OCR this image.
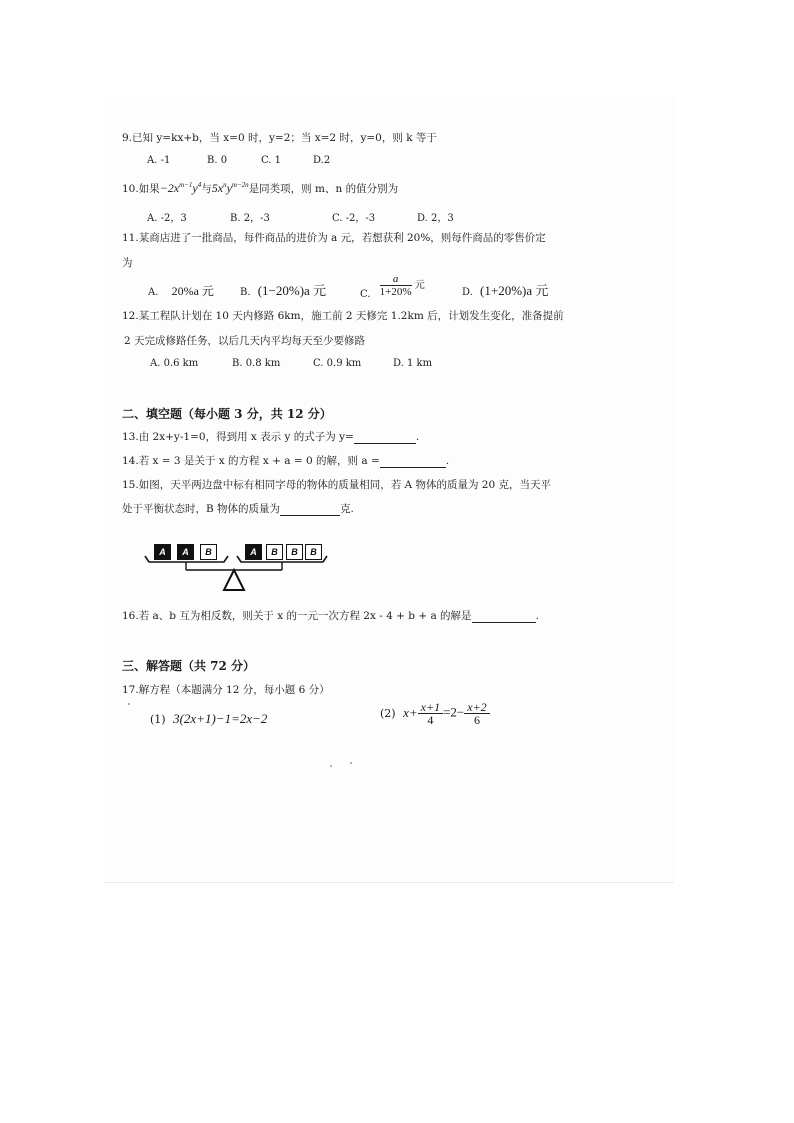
9.已知 y=kx+b，当 x=0 时，y=2；当 x=2 时，y=0，则 k 等于
A. -1	B. 0	C. 1	D.2
10.如果$-2x^{m-1}y^4$与$5x^ny^{m-2n}$是同类项，则 m、n 的值分别为
A. -2，3	B. 2，-3	C. -2，-3	D. 2，3
11.某商店进了一批商品，每件商品的进价为 a 元，若想获利 20%，则每件商品的零售价定
为
A. 20%a 元	B. (1−20%)a 元	C. $\frac{a}{1+20\%}$ 元
D. (1+20%)a 元
12.某工程队计划在 10 天内修路 6km，施工前 2 天修完 1.2km 后，计划发生变化，准备提前
2 天完成修路任务，以后几天内平均每天至少要修路
A. 0.6 km	B. 0.8 km	C. 0.9 km	D. 1 km
二、填空题（每小题 3 分，共 12 分）
13.由 2x+y-1=0，得到用 x 表示 y 的式子为 y=	.
14.若 x = 3 是关于 x 的方程 x + a = 0 的解，则 a =	.
15.如图，天平两边盘中标有相同字母的物体的质量相同，若 A 物体的质量为 20 克，当天平
处于平衡状态时，B 物体的质量为	克.
A	A	B	A	B	B	B
16.若 a、b 互为相反数，则关于 x 的一元一次方程 2x - 4 + b + a 的解是	.
三、解答题（共 72 分）
17.解方程（本题满分 12 分，每小题 6 分）
(1) 3(2x+1)−1=2x−2	(2) $x+ \frac{x+1}{4} =2- \frac{x+2}{6}$
